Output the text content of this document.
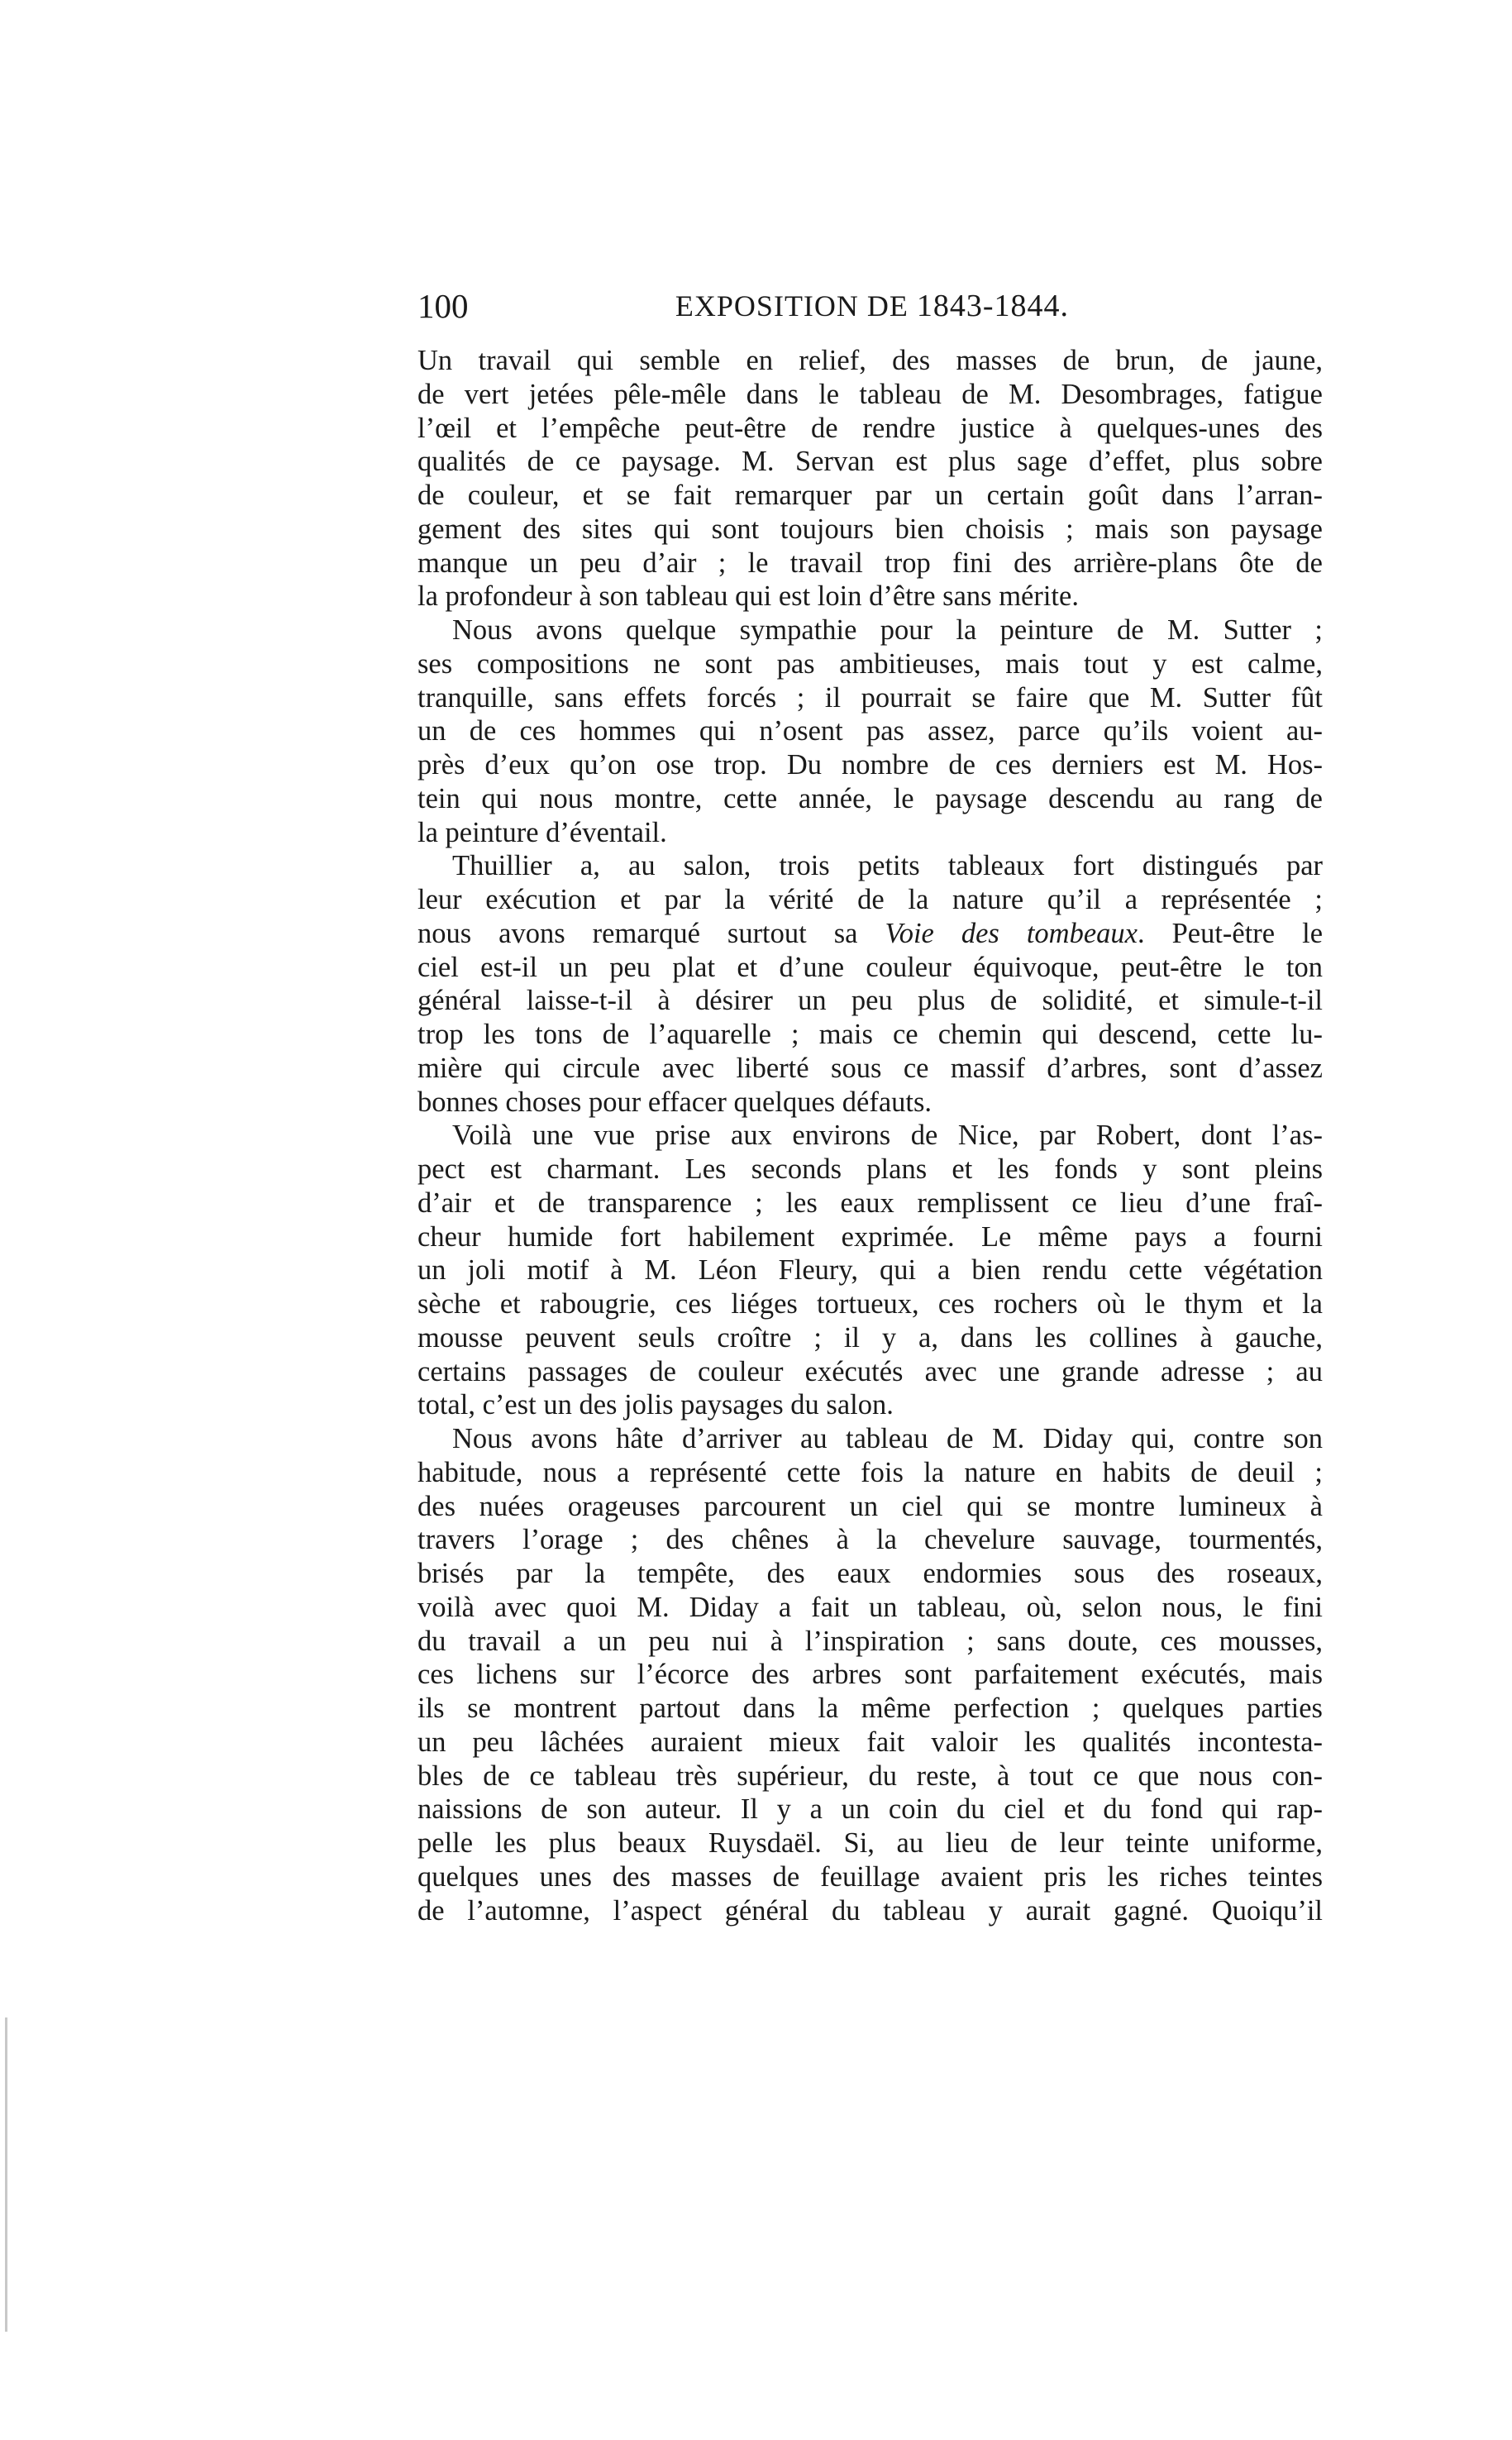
100	EXPOSITION DE 1843-1844.
Un travail qui semble en relief, des masses de brun, de jaune,
de vert jetées pêle-mêle dans le tableau de M. Desombrages, fatigue
l’œil et l’empêche peut-être de rendre justice à quelques-unes des
qualités de ce paysage. M. Servan est plus sage d’effet, plus sobre
de couleur, et se fait remarquer par un certain goût dans l’arran-
gement des sites qui sont toujours bien choisis ; mais son paysage
manque un peu d’air ; le travail trop fini des arrière-plans ôte de
la profondeur à son tableau qui est loin d’être sans mérite.
Nous avons quelque sympathie pour la peinture de M. Sutter ;
ses compositions ne sont pas ambitieuses, mais tout y est calme,
tranquille, sans effets forcés ; il pourrait se faire que M. Sutter fût
un de ces hommes qui n’osent pas assez, parce qu’ils voient au-
près d’eux qu’on ose trop. Du nombre de ces derniers est M. Hos-
tein qui nous montre, cette année, le paysage descendu au rang de
la peinture d’éventail.
Thuillier a, au salon, trois petits tableaux fort distingués par
leur exécution et par la vérité de la nature qu’il a représentée ;
nous avons remarqué surtout sa Voie des tombeaux. Peut-être le
ciel est-il un peu plat et d’une couleur équivoque, peut-être le ton
général laisse-t-il à désirer un peu plus de solidité, et simule-t-il
trop les tons de l’aquarelle ; mais ce chemin qui descend, cette lu-
mière qui circule avec liberté sous ce massif d’arbres, sont d’assez
bonnes choses pour effacer quelques défauts.
Voilà une vue prise aux environs de Nice, par Robert, dont l’as-
pect est charmant. Les seconds plans et les fonds y sont pleins
d’air et de transparence ; les eaux remplissent ce lieu d’une fraî-
cheur humide fort habilement exprimée. Le même pays a fourni
un joli motif à M. Léon Fleury, qui a bien rendu cette végétation
sèche et rabougrie, ces liéges tortueux, ces rochers où le thym et la
mousse peuvent seuls croître ; il y a, dans les collines à gauche,
certains passages de couleur exécutés avec une grande adresse ; au
total, c’est un des jolis paysages du salon.
Nous avons hâte d’arriver au tableau de M. Diday qui, contre son
habitude, nous a représenté cette fois la nature en habits de deuil ;
des nuées orageuses parcourent un ciel qui se montre lumineux à
travers l’orage ; des chênes à la chevelure sauvage, tourmentés,
brisés par la tempête, des eaux endormies sous des roseaux,
voilà avec quoi M. Diday a fait un tableau, où, selon nous, le fini
du travail a un peu nui à l’inspiration ; sans doute, ces mousses,
ces lichens sur l’écorce des arbres sont parfaitement exécutés, mais
ils se montrent partout dans la même perfection ; quelques parties
un peu lâchées auraient mieux fait valoir les qualités incontesta-
bles de ce tableau très supérieur, du reste, à tout ce que nous con-
naissions de son auteur. Il y a un coin du ciel et du fond qui rap-
pelle les plus beaux Ruysdaël. Si, au lieu de leur teinte uniforme,
quelques unes des masses de feuillage avaient pris les riches teintes
de l’automne, l’aspect général du tableau y aurait gagné. Quoiqu’il
